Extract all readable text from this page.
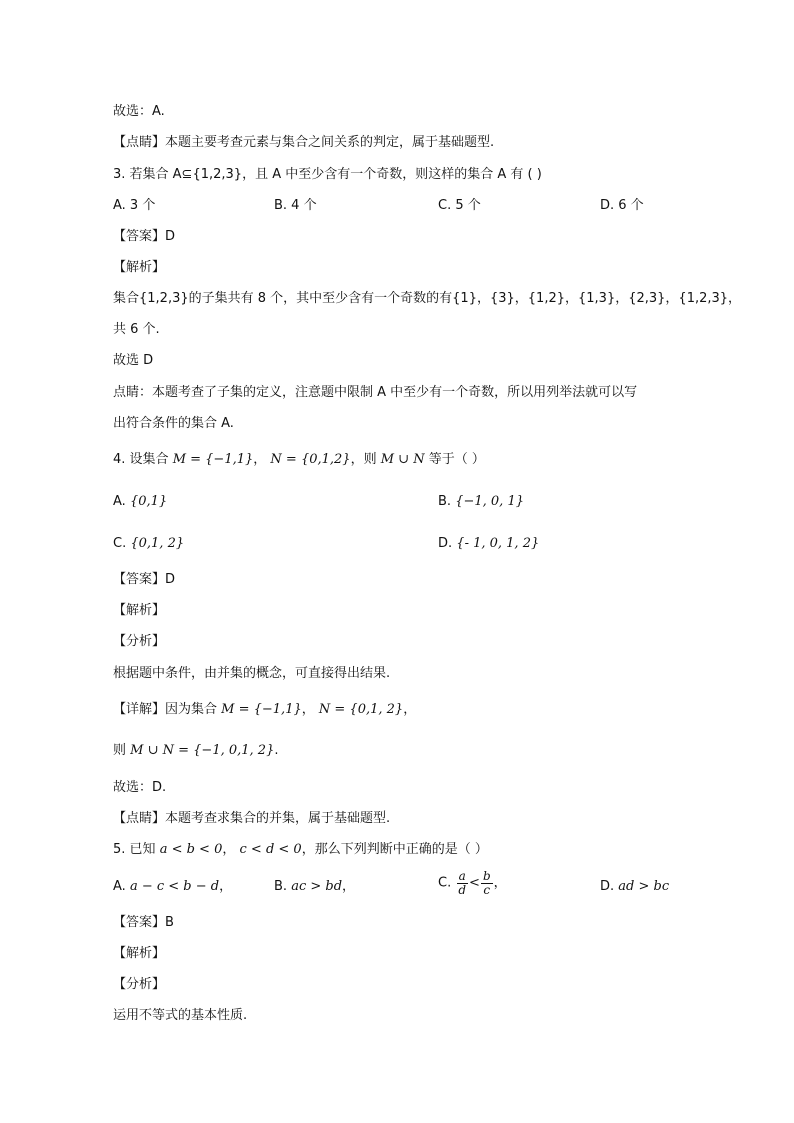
故选：A.
【点睛】本题主要考查元素与集合之间关系的判定，属于基础题型.
3. 若集合 A⊆{1,2,3}，且 A 中至少含有一个奇数，则这样的集合 A 有 ( )
A. 3 个	B. 4 个	C. 5 个	D. 6 个
【答案】D
【解析】
集合{1,2,3}的子集共有 8 个，其中至少含有一个奇数的有{1}，{3}，{1,2}，{1,3}，{2,3}，{1,2,3}，
共 6 个.
故选 D
点睛：本题考查了子集的定义，注意题中限制 A 中至少有一个奇数，所以用列举法就可以写
出符合条件的集合 A.
4. 设集合 M = {−1,1}， N = {0,1,2}，则 M ∪ N 等于（ ）
A. {0,1}	B. {−1, 0, 1}
C. {0,1, 2}	D. {- 1, 0, 1, 2}
【答案】D
【解析】
【分析】
根据题中条件，由并集的概念，可直接得出结果.
【详解】因为集合 M = {−1,1}， N = {0,1, 2}，
则 M ∪ N = {−1, 0,1, 2}.
故选：D.
【点睛】本题考查求集合的并集，属于基础题型.
5. 已知 a < b < 0， c < d < 0，那么下列判断中正确的是（ ）
A. a − c < b − d，	B. ac > bd，	C. $\frac{a}{d} < \frac{b}{c}$ ，	D. ad > bc
【答案】B
【解析】
【分析】
运用不等式的基本性质.
